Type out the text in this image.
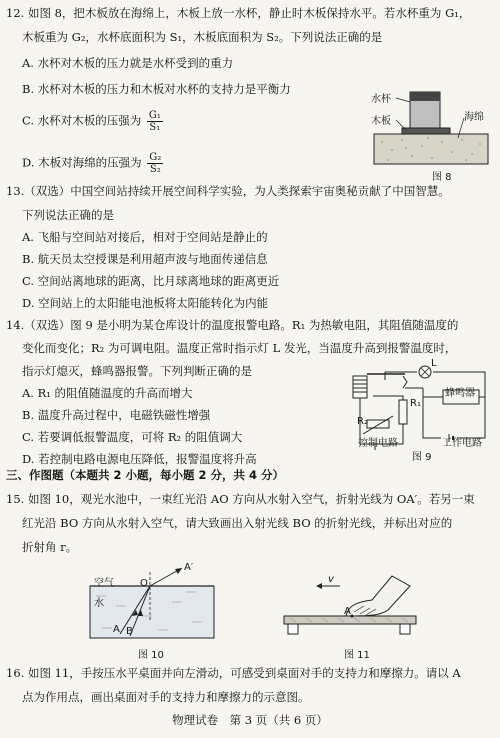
12. 如图 8，把木板放在海绵上，木板上放一水杯，静止时木板保持水平。若水杯重为 G₁，
木板重为 G₂，水杯底面积为 S₁，木板底面积为 S₂。下列说法正确的是
A. 水杯对木板的压力就是水杯受到的重力
B. 水杯对木板的压力和木板对水杯的支持力是平衡力
C. 水杯对木板的压强为 $\frac{\text{G₁}}{\text{S₁}}$
D. 木板对海绵的压强为 $\frac{\text{G₂}}{\text{S₂}}$
水杯
木板	海绵
图 8
13.（双选）中国空间站持续开展空间科学实验，为人类探索宇宙奥秘贡献了中国智慧。
下列说法正确的是
A. 飞船与空间站对接后，相对于空间站是静止的
B. 航天员太空授课是利用超声波与地面传递信息
C. 空间站离地球的距离，比月球离地球的距离更近
D. 空间站上的太阳能电池板将太阳能转化为内能
14.（双选）图 9 是小明为某仓库设计的温度报警电路。R₁ 为热敏电阻，其阻值随温度的
变化而变化；R₂ 为可调电阻。温度正常时指示灯 L 发光，当温度升高到报警温度时，
指示灯熄灭，蜂鸣器报警。下列判断正确的是
A. R₁ 的阻值随温度的升高而增大
B. 温度升高过程中，电磁铁磁性增强
C. 若要调低报警温度，可将 R₂ 的阻值调大
D. 若控制电路电源电压降低，报警温度将升高
L
蜂鸣器
R₁
R₂
控制电路	工作电路
图 9
三、作图题（本题共 2 小题，每小题 2 分，共 4 分）
15. 如图 10，观光水池中，一束红光沿 AO 方向从水射入空气，折射光线为 OA′。若另一束
红光沿 BO 方向从水射入空气，请大致画出入射光线 BO 的折射光线，并标出对应的
折射角 r。
空气
水
O
A′
A B
图 10
v
A
图 11
16. 如图 11，手按压水平桌面并向左滑动，可感受到桌面对手的支持力和摩擦力。请以 A
点为作用点，画出桌面对手的支持力和摩擦力的示意图。
物理试卷　第 3 页（共 6 页）
